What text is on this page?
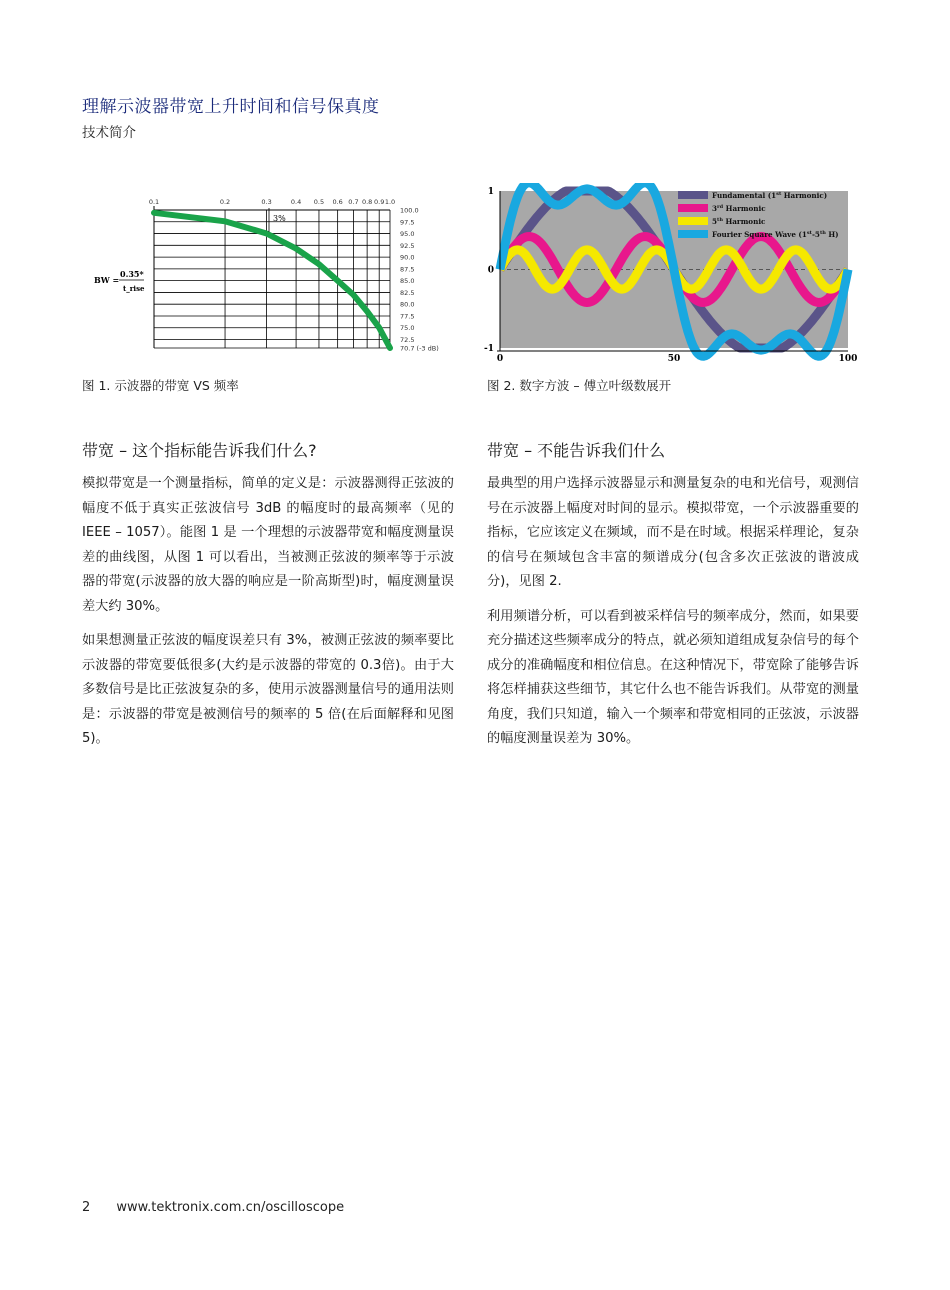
理解示波器带宽上升时间和信号保真度
技术简介
0.1	0.2	0.3	0.4 0.5 0.6 0.7 0.8 0.9 1.0
100.0
97.5
95.0
92.5
90.0
87.5
85.0
82.5
80.0
77.5
75.0
72.5
70.7 (-3 dB)
3%
BW =
0.35*
t_rise
图 1. 示波器的带宽 VS 频率
1
0
-1
0	50	100
Fundamental (1st Harmonic)
3rd Harmonic
5th Harmonic
Fourier Square Wave (1st-5th H)
图 2. 数字方波 – 傅立叶级数展开
带宽 – 这个指标能告诉我们什么?

模拟带宽是一个测量指标，简单的定义是：示波器测得正弦波的幅度不低于真实正弦波信号 3dB 的幅度时的最高频率（见的 IEEE – 1057）。能图 1 是 一个理想的示波器带宽和幅度测量误差的曲线图，从图 1 可以看出，当被测正弦波的频率等于示波器的带宽(示波器的放大器的响应是一阶高斯型)时，幅度测量误差大约 30%。

如果想测量正弦波的幅度误差只有 3%，被测正弦波的频率要比示波器的带宽要低很多(大约是示波器的带宽的 0.3倍)。由于大多数信号是比正弦波复杂的多，使用示波器测量信号的通用法则是：示波器的带宽是被测信号的频率的 5 倍(在后面解释和见图 5)。

带宽 – 不能告诉我们什么

最典型的用户选择示波器显示和测量复杂的电和光信号，观测信号在示波器上幅度对时间的显示。模拟带宽，一个示波器重要的指标，它应该定义在频域，而不是在时域。根据采样理论，复杂的信号在频域包含丰富的频谱成分(包含多次正弦波的谐波成分)，见图 2.

利用频谱分析，可以看到被采样信号的频率成分，然而，如果要充分描述这些频率成分的特点，就必须知道组成复杂信号的每个成分的准确幅度和相位信息。在这种情况下，带宽除了能够告诉将怎样捕获这些细节，其它什么也不能告诉我们。从带宽的测量角度，我们只知道，输入一个频率和带宽相同的正弦波，示波器的幅度测量误差为 30%。

2 www.tektronix.com.cn/oscilloscope
